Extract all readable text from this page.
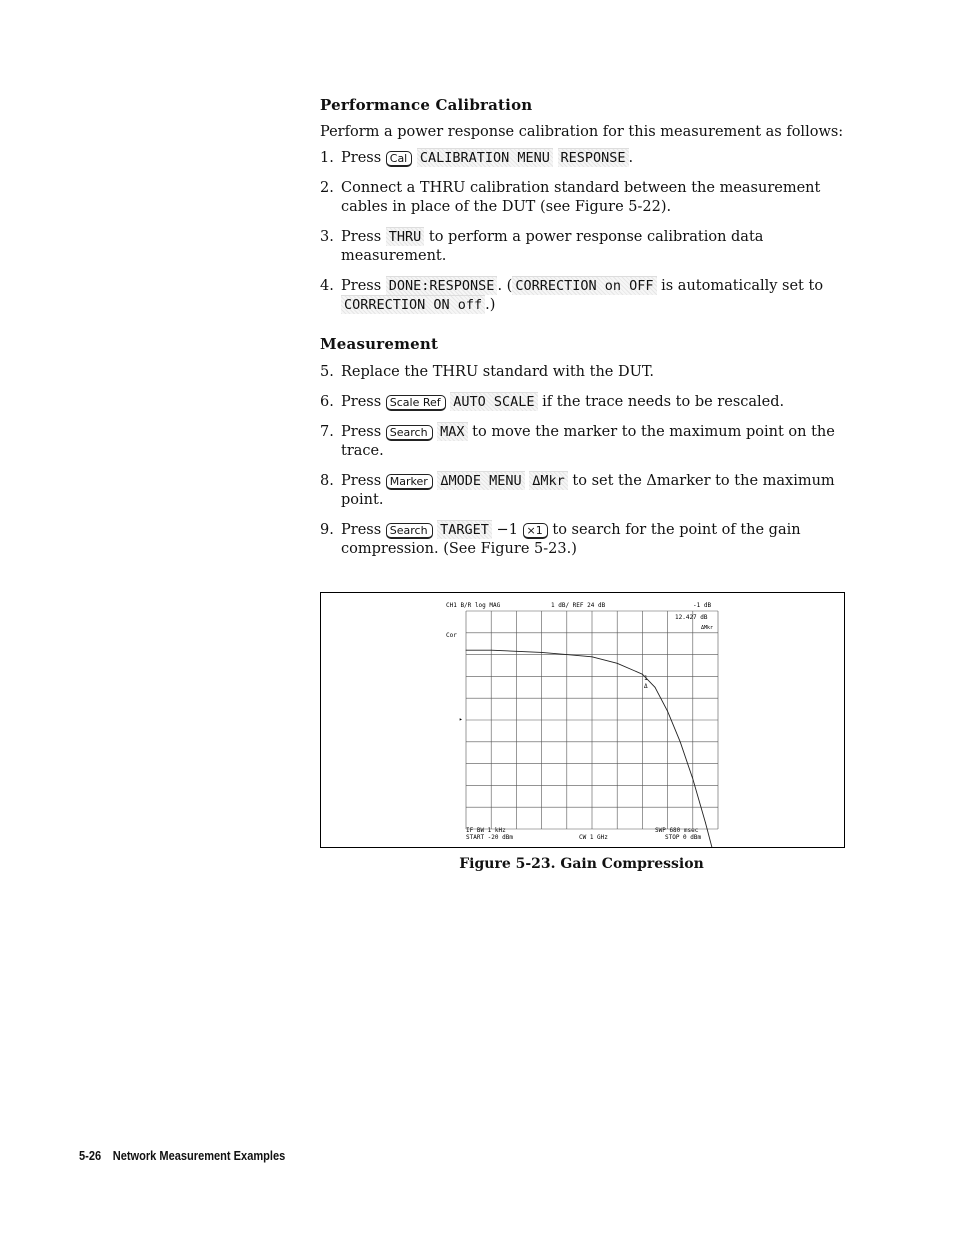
Performance Calibration

Perform a power response calibration for this measurement as follows:

1. Press Cal CALIBRATION MENU RESPONSE .
2. Connect a THRU calibration standard between the measurement cables in place of the DUT (see Figure 5-22).
3. Press THRU to perform a power response calibration data measurement.
4. Press DONE:RESPONSE . ( CORRECTION on OFF is automatically set to CORRECTION ON off .)
Measurement
5. Replace the THRU standard with the DUT.
6. Press Scale Ref AUTO SCALE if the trace needs to be rescaled.
7. Press Search MAX to move the marker to the maximum point on the trace.
8. Press Marker ΔMODE MENU ΔMkr to set the Δmarker to the maximum point.
9. Press Search TARGET −1 ×1 to search for the point of the gain compression. (See Figure 5-23.)
CH1 B/R log MAG	1 dB/ REF 24 dB	-1 dB
12.427 dB
ΔMkr
Cor
▸
1
Δ
IF BW 1 kHz	SWP 680 msec
START -20 dBm	CW 1 GHz	STOP 0 dBm
Figure 5-23. Gain Compression
5-26 Network Measurement Examples
